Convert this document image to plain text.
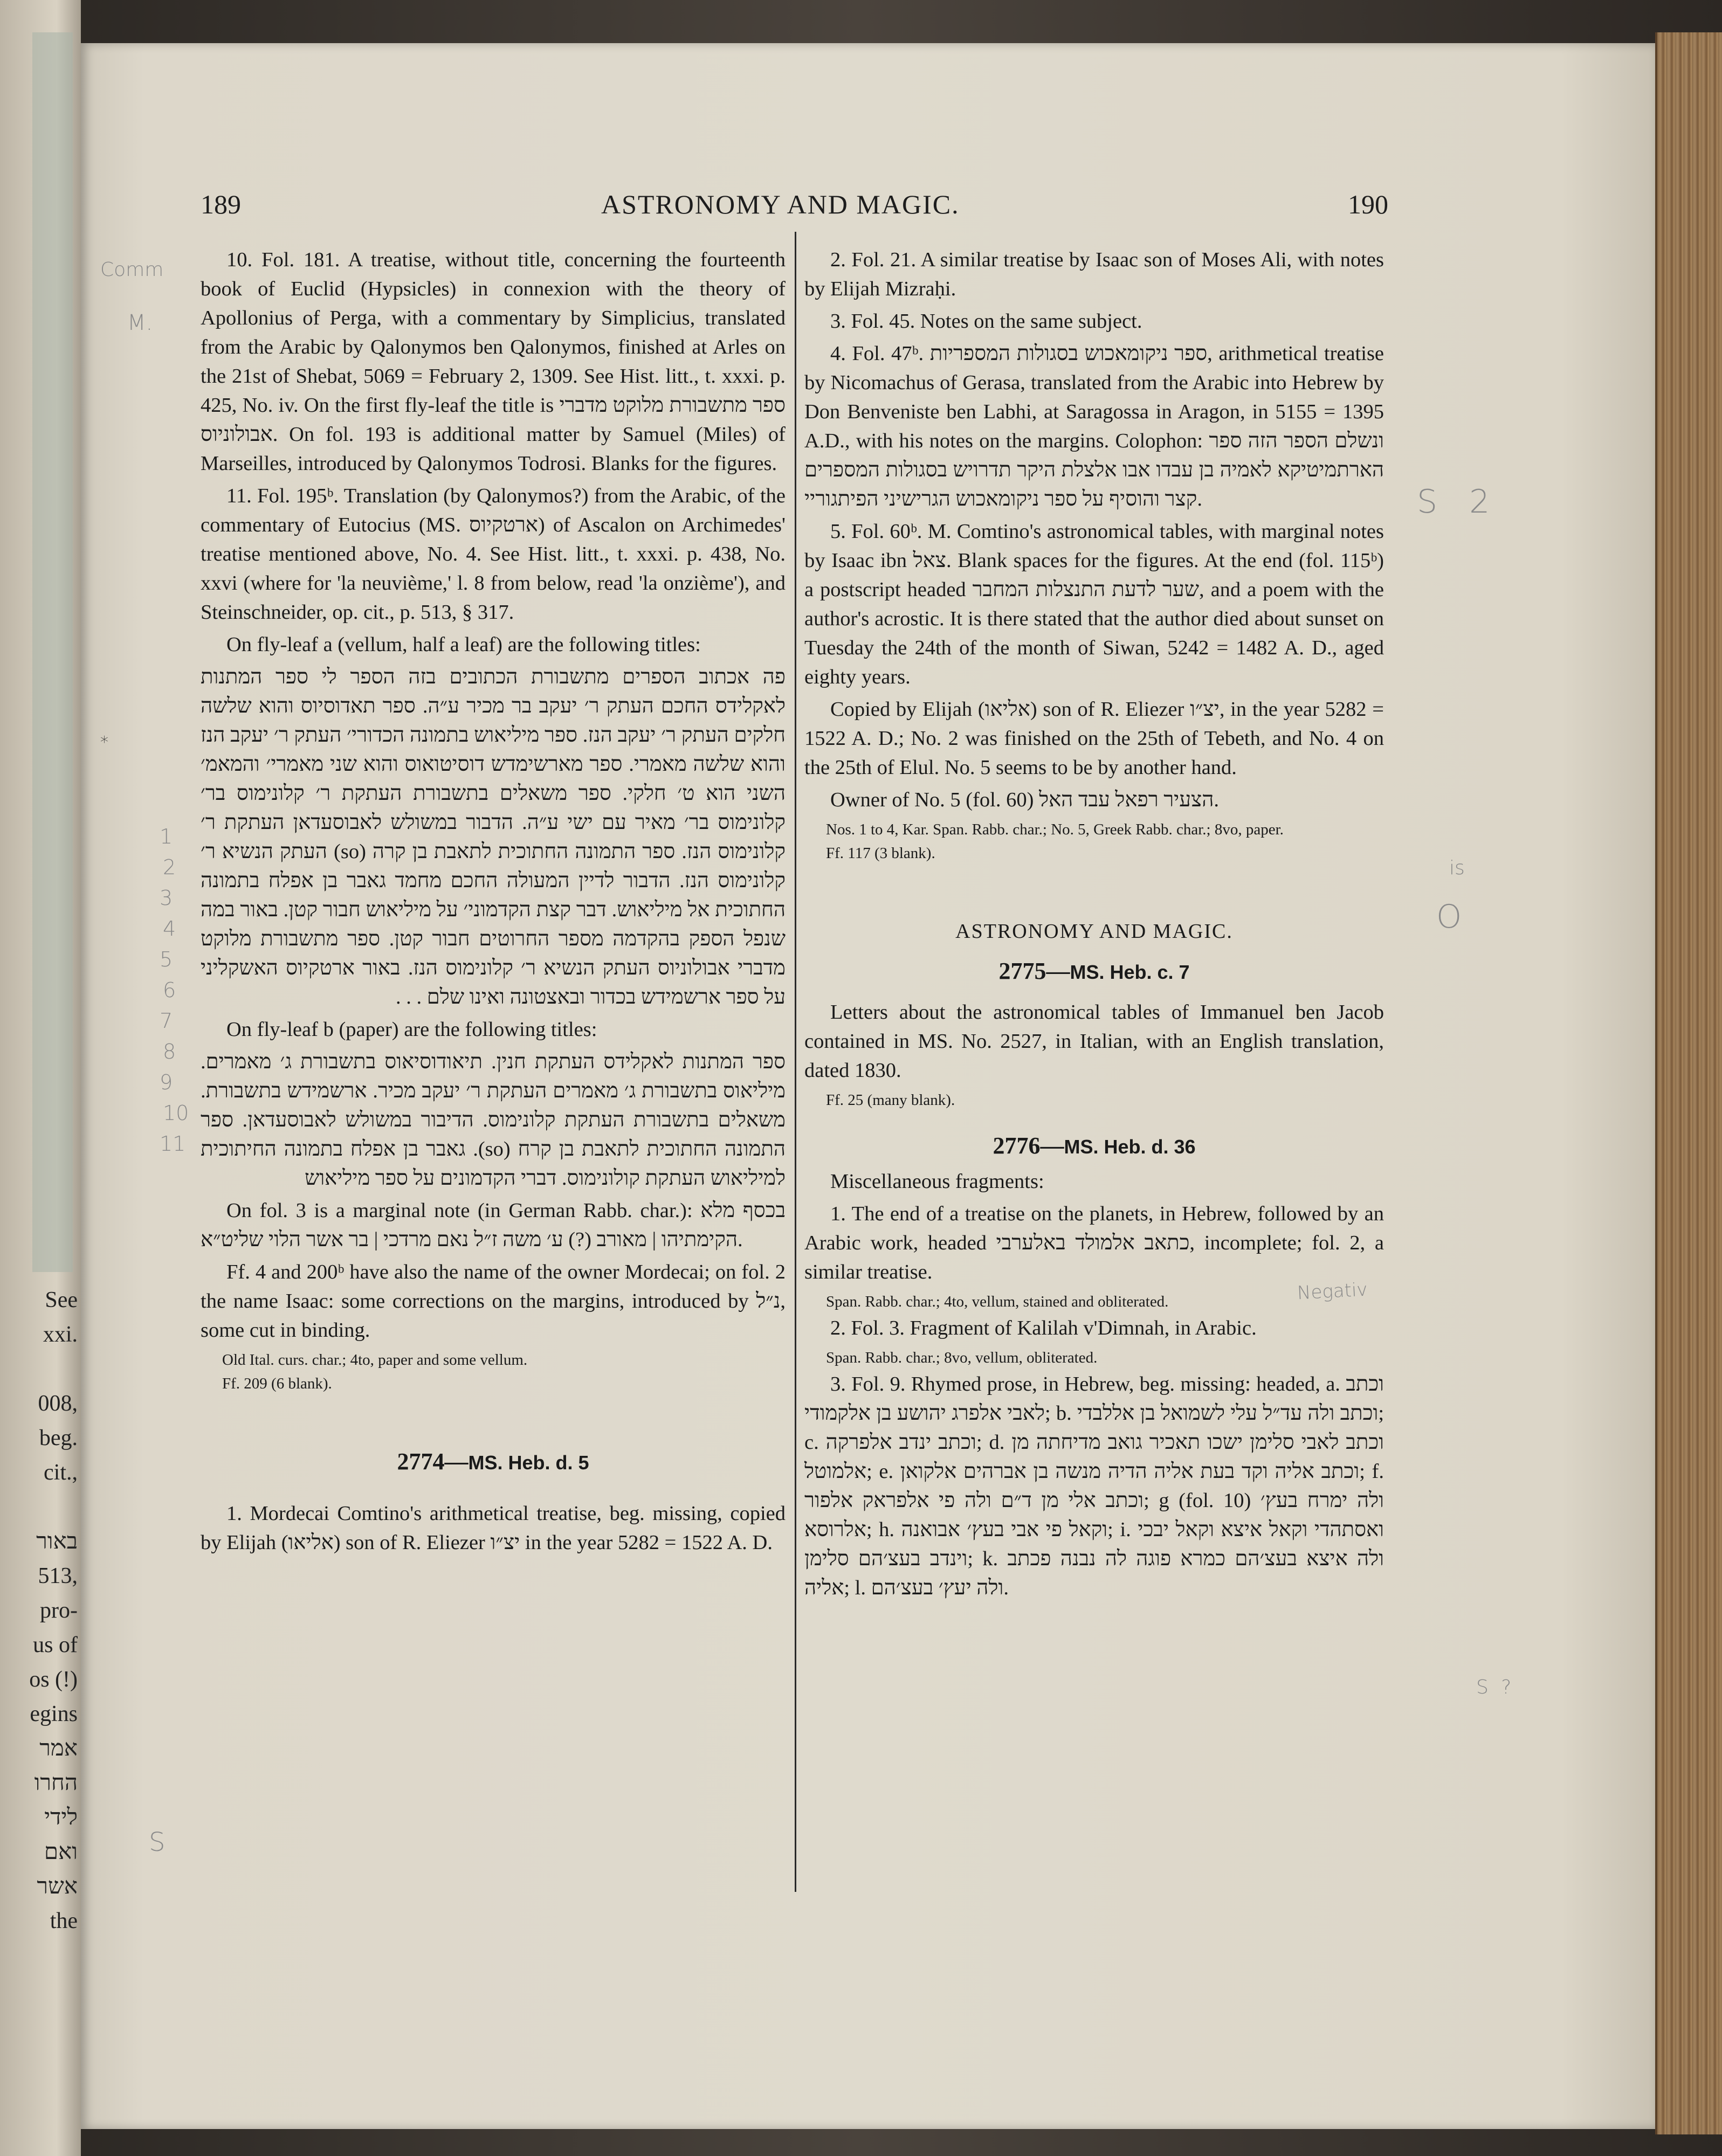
See
xxi.

008,
beg.
cit.,

באור
513,
pro-
us of
os (!)
egins
אמר
החרו
לידי
ואם
אשר
the
189	ASTRONOMY AND MAGIC.	190
Comm
M.
*
1
2
3
4
5
6
7
8
9
10
11
S 2
is
O
Negativ
S ?
S

10. Fol. 181. A treatise, without title, concerning the fourteenth book of Euclid (Hypsicles) in connexion with the theory of Apollonius of Perga, with a commentary by Simplicius, translated from the Arabic by Qalonymos ben Qalonymos, finished at Arles on the 21st of Shebat, 5069 = February 2, 1309. See Hist. litt., t. xxxi. p. 425, No. iv. On the first fly-leaf the title is ספר מתשבורת מלוקט מדברי אבולוניוס. On fol. 193 is additional matter by Samuel (Miles) of Marseilles, introduced by Qalonymos Todrosi. Blanks for the figures.

11. Fol. 195ᵇ. Translation (by Qalonymos?) from the Arabic, of the commentary of Eutocius (MS. ארטקיוס) of Ascalon on Archimedes' treatise mentioned above, No. 4. See Hist. litt., t. xxxi. p. 438, No. xxvi (where for 'la neuvième,' l. 8 from below, read 'la onzième'), and Steinschneider, op. cit., p. 513, § 317.

On fly-leaf a (vellum, half a leaf) are the following titles:

פה אכתוב הספרים מתשבורת הכתובים בזה הספר לי ספר המתנות לאקלידס החכם העתק ר׳ יעקב בר מכיר ע״ה. ספר תאדוסיוס והוא שלשה חלקים העתק ר׳ יעקב הנז. ספר מיליאוש בתמונה הכדורי׳ העתק ר׳ יעקב הנז והוא שלשה מאמרי. ספר מארשימדש דוסיטואוס והוא שני מאמרי׳ והמאמ׳ השני הוא ט׳ חלקי. ספר משאלים בתשבורת העתקת ר׳ קלונימוס בר׳ קלונימוס בר׳ מאיר עם ישי ע״ה. הדבור במשולש לאבוסעדאן העתקת ר׳ קלונימוס הנז. ספר התמונה החתוכית לתאבת בן קרה (so) העתק הנשיא ר׳ קלונימוס הנז. הדבור לדיין המעולה החכם מחמד גאבר בן אפלח בתמונה החתוכית אל מיליאוש. דבר קצת הקדמוני׳ על מיליאוש חבור קטן. באור במה שנפל הספק בהקדמה מספר החרוטים חבור קטן. ספר מתשבורת מלוקט מדברי אבולוניוס העתק הנשיא ר׳ קלונימוס הנז. באור ארטקיוס האשקליני על ספר ארשמידש בכדור ובאצטונה ואינו שלם . . .

On fly-leaf b (paper) are the following titles:

ספר המתנות לאקלידס העתקת חנין. תיאודוסיאוס בתשבורת ג׳ מאמרים. מיליאוס בתשבורת ג׳ מאמרים העתקת ר׳ יעקב מכיר. ארשמידש בתשבורת. משאלים בתשבורת העתקת קלונימוס. הדיבור במשולש לאבוסעדאן. ספר התמונה החתוכית לתאבת בן קרח (so). גאבר בן אפלח בתמונה החיתוכית למיליאוש העתקת קולונימוס. דברי הקדמונים על ספר מיליאוש

On fol. 3 is a marginal note (in German Rabb. char.): בכסף מלא הקימתיהו | מאורב (?) ע׳ משה ז״ל נאם מרדכי | בר אשר הלוי שליט״א.

Ff. 4 and 200ᵇ have also the name of the owner Mordecai; on fol. 2 the name Isaac: some corrections on the margins, introduced by נ״ל, some cut in binding.

Old Ital. curs. char.; 4to, paper and some vellum.

Ff. 209 (6 blank).

2774—MS. Heb. d. 5

1. Mordecai Comtino's arithmetical treatise, beg. missing, copied by Elijah (אליאו) son of R. Eliezer יצ״ו in the year 5282 = 1522 A. D.

2. Fol. 21. A similar treatise by Isaac son of Moses Ali, with notes by Elijah Mizraḥi.

3. Fol. 45. Notes on the same subject.

4. Fol. 47ᵇ. ספר ניקומאכוש בסגולות המספריות, arithmetical treatise by Nicomachus of Gerasa, translated from the Arabic into Hebrew by Don Benveniste ben Labhi, at Saragossa in Aragon, in 5155 = 1395 A.D., with his notes on the margins. Colophon: ונשלם הספר הזה ספר הארתמיטיקא לאמיה בן עבדו אבו אלצלת היקר תדרויש בסגולות המספרים קצר והוסיף על ספר ניקומאכוש הגרישיני הפיתגוריי.

5. Fol. 60ᵇ. M. Comtino's astronomical tables, with marginal notes by Isaac ibn צאל. Blank spaces for the figures. At the end (fol. 115ᵇ) a postscript headed שער לדעת התנצלות המחבר, and a poem with the author's acrostic. It is there stated that the author died about sunset on Tuesday the 24th of the month of Siwan, 5242 = 1482 A. D., aged eighty years.

Copied by Elijah (אליאו) son of R. Eliezer יצ״ו, in the year 5282 = 1522 A. D.; No. 2 was finished on the 25th of Tebeth, and No. 4 on the 25th of Elul. No. 5 seems to be by another hand.

Owner of No. 5 (fol. 60) הצעיר רפאל עבד האל.

Nos. 1 to 4, Kar. Span. Rabb. char.; No. 5, Greek Rabb. char.; 8vo, paper.

Ff. 117 (3 blank).

ASTRONOMY AND MAGIC.
2775—MS. Heb. c. 7

Letters about the astronomical tables of Immanuel ben Jacob contained in MS. No. 2527, in Italian, with an English translation, dated 1830.

Ff. 25 (many blank).

2776—MS. Heb. d. 36

Miscellaneous fragments:

1. The end of a treatise on the planets, in Hebrew, followed by an Arabic work, headed כתאב אלמולד באלערבי, incomplete; fol. 2, a similar treatise.

Span. Rabb. char.; 4to, vellum, stained and obliterated.

2. Fol. 3. Fragment of Kalilah v'Dimnah, in Arabic.

Span. Rabb. char.; 8vo, vellum, obliterated.

3. Fol. 9. Rhymed prose, in Hebrew, beg. missing: headed, a. וכתב לאבי אלפרג יהושע בן אלקמודי; b. וכתב ולה עד״ל עלי לשמואל בן אללבדי; c. וכתב ינדב אלפרקה; d. וכתב לאבי סלימן ישכו תאכיר גואב מדיחתה מן אלמוטל; e. וכתב אליה וקד בעת אליה הדיה מנשה בן אברהים אלקואן; f. וכתב אלי מן ד״ם ולה פי אלפראק אלפור; g (fol. 10) ולה ימרח בעץ׳ אלרוסא; h. וקאל פי אבי בעץ׳ אבואנה; i. ואסתהדי וקאל איצא וקאל יבכי וינדב בעצ׳הם סלימן; k. ולה איצא בעצ׳הם כמרא פוגה לה נבנה פכתב אליה; l. ולה יעץ׳ בעצ׳הם.
